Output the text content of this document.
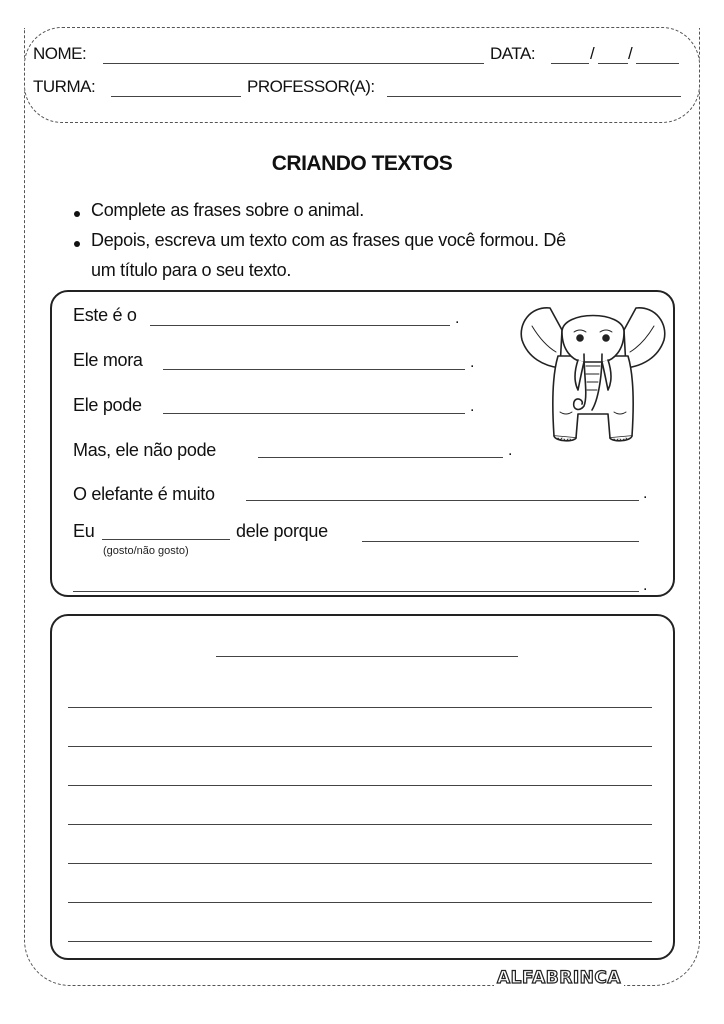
NOME:	DATA:	/ /
TURMA:	PROFESSOR(A):
CRIANDO TEXTOS
Complete as frases sobre o animal.
Depois, escreva um texto com as frases que você formou. Dê
um título para o seu texto.
Este é o	.
Ele mora	.
Ele pode	.
Mas, ele não pode	.
O elefante é muito	.
Eu	dele porque
(gosto/não gosto)
.
ALFABRINCA
